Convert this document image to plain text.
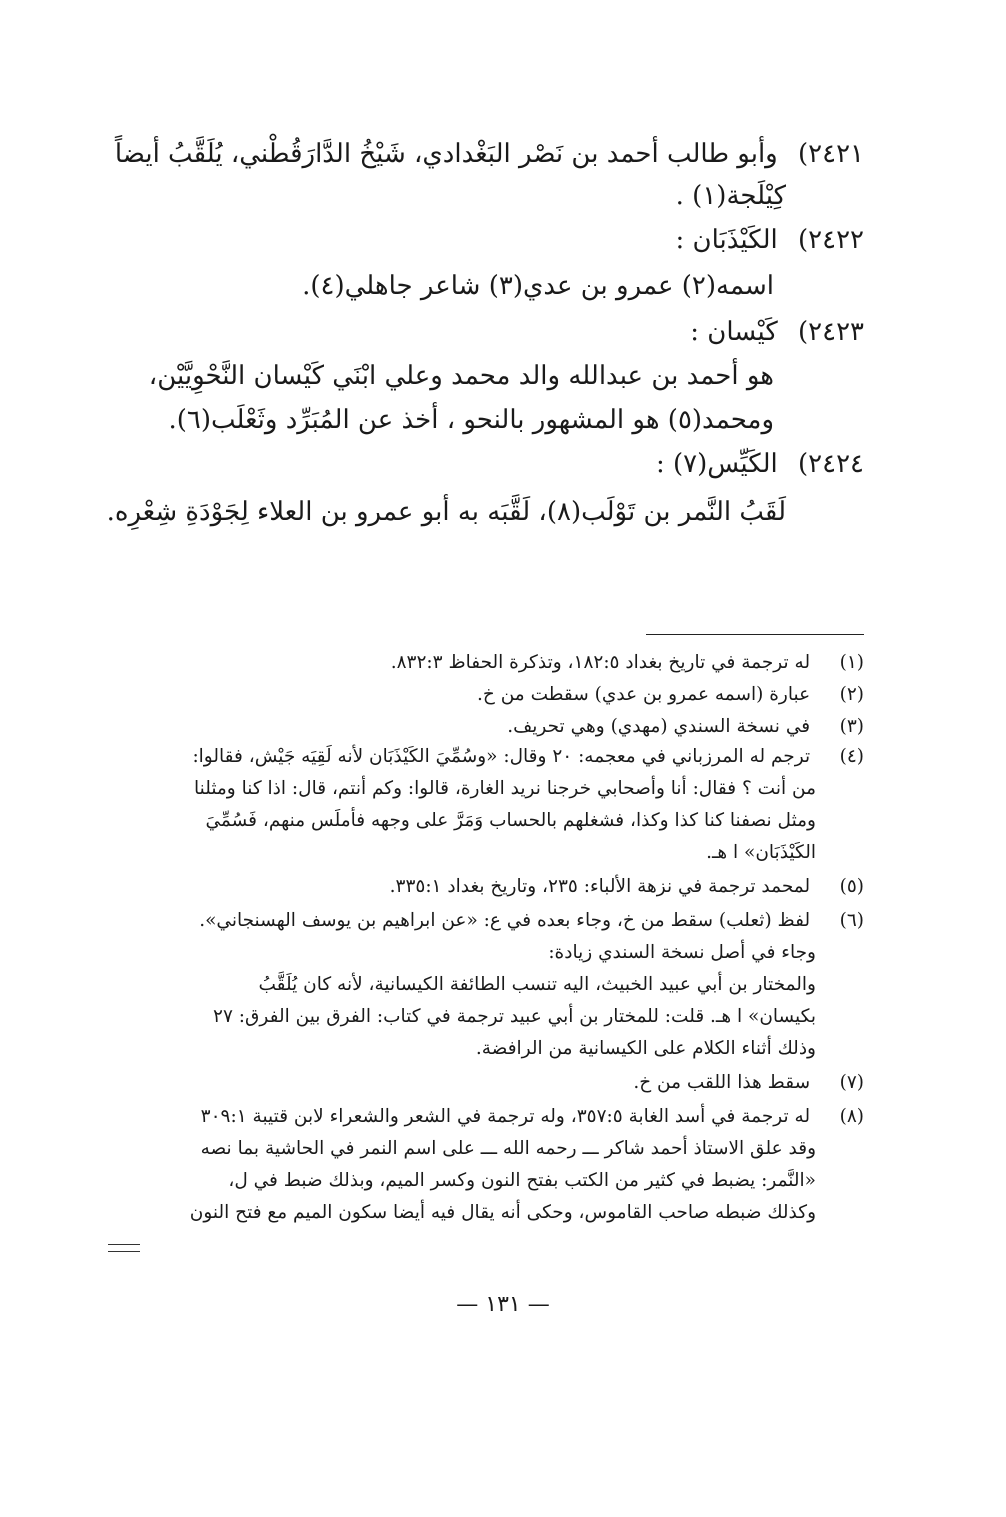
٢٤٢١) وأبو طالب أحمد بن نَصْر البَغْدادي، شَيْخُ الدَّارَقُطْني، يُلَقَّبُ أيضاً
كِيْلَجة(١) .
٢٤٢٢) الكَيْذَبَان :
اسمه(٢) عمرو بن عدي(٣) شاعر جاهلي(٤).
٢٤٢٣) كَيْسان :
هو أحمد بن عبدالله والد محمد وعلي ابْنَي كَيْسان النَّحْوِيَّيْن،
ومحمد(٥) هو المشهور بالنحو ، أخذ عن المُبَرِّد وثَعْلَب(٦).
٢٤٢٤) الكَيِّس(٧) :
لَقَبُ النَّمر بن تَوْلَب(٨)، لَقَّبَه به أبو عمرو بن العلاء لِجَوْدَةِ شِعْرِه.
(١) له ترجمة في تاريخ بغداد ١٨٢:٥، وتذكرة الحفاظ ٨٣٢:٣.
(٢) عبارة (اسمه عمرو بن عدي) سقطت من خ.
(٣) في نسخة السندي (مهدي) وهي تحريف.
(٤) ترجم له المرزباني في معجمه: ٢٠ وقال: «وسُمِّيَ الكَيْذَبَان لأنه لَقِيَه جَيْش، فقالوا:
من أنت ؟ فقال: أنا وأصحابي خرجنا نريد الغارة، قالوا: وكم أنتم، قال: اذا كنا ومثلنا
ومثل نصفنا كنا كذا وكذا، فشغلهم بالحساب وَمَرَّ على وجهه فأملَس منهم، فَسُمِّيَ
الكَيْذَبَان» ا هـ.
(٥) لمحمد ترجمة في نزهة الألباء: ٢٣٥، وتاريخ بغداد ٣٣٥:١.
(٦) لفظ (ثعلب) سقط من خ، وجاء بعده في ع: «عن ابراهيم بن يوسف الهسنجاني».
وجاء في أصل نسخة السندي زيادة:
والمختار بن أبي عبيد الخبيث، اليه تنسب الطائفة الكيسانية، لأنه كان يُلَقَّبُ
بكيسان» ا هـ. قلت: للمختار بن أبي عبيد ترجمة في كتاب: الفرق بين الفرق: ٢٧
وذلك أثناء الكلام على الكيسانية من الرافضة.
(٧) سقط هذا اللقب من خ.
(٨) له ترجمة في أسد الغابة ٣٥٧:٥، وله ترجمة في الشعر والشعراء لابن قتيبة ٣٠٩:١
وقد علق الاستاذ أحمد شاكر ـــ رحمه الله ـــ على اسم النمر في الحاشية بما نصه
«النَّمر: يضبط في كثير من الكتب بفتح النون وكسر الميم، وبذلك ضبط في ل،
وكذلك ضبطه صاحب القاموس، وحكى أنه يقال فيه أيضا سكون الميم مع فتح النون
— ١٣١ —
